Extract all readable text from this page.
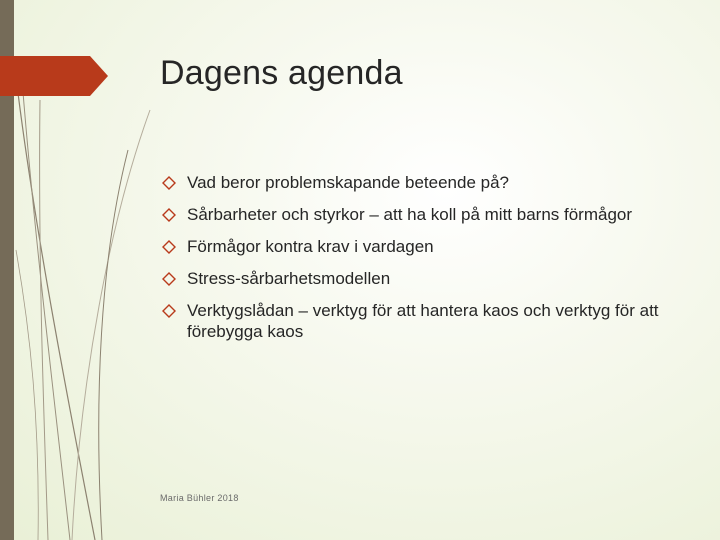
Dagens agenda
Vad beror problemskapande beteende på?
Sårbarheter och styrkor – att ha koll på mitt barns förmågor
Förmågor kontra krav i vardagen
Stress-sårbarhetsmodellen
Verktygslådan – verktyg för att hantera kaos och verktyg för att förebygga kaos
Maria Bühler 2018
